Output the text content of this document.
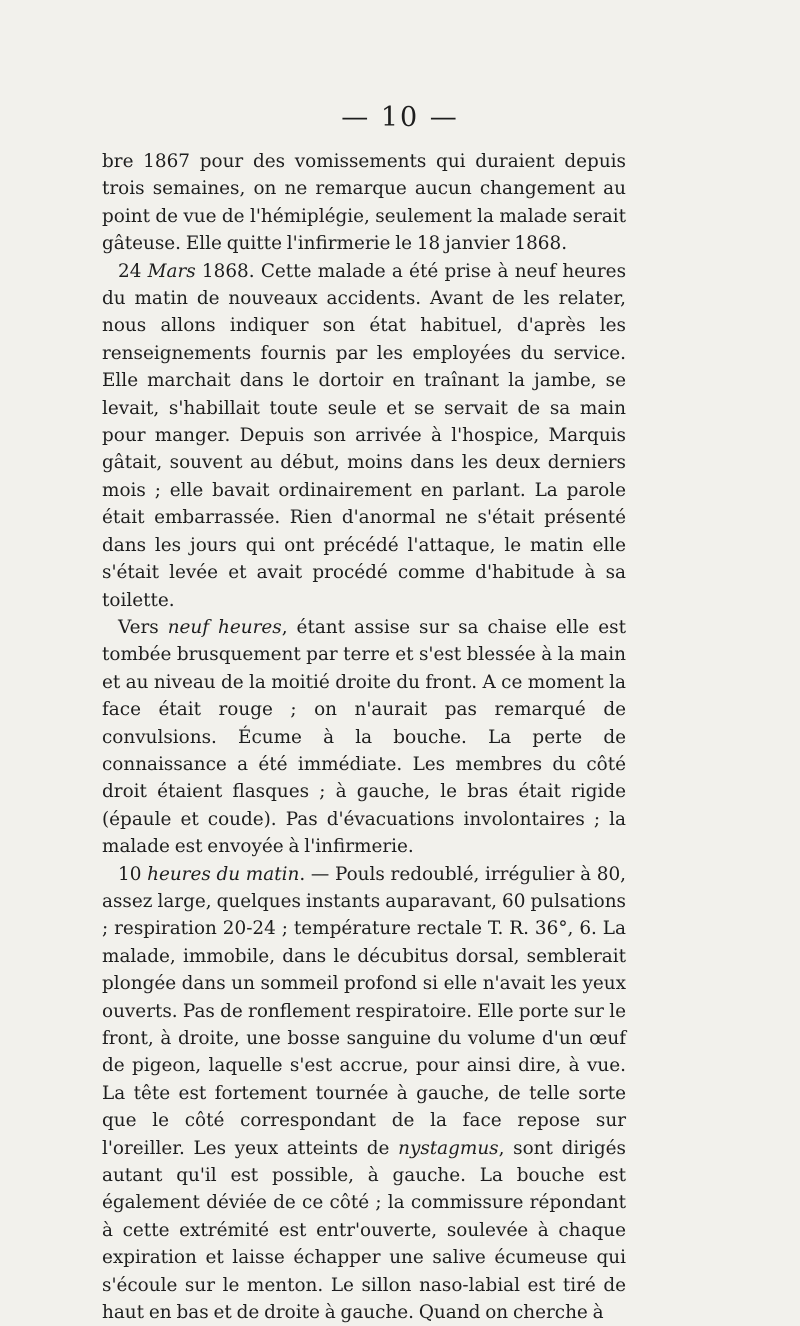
— 10 —

bre 1867 pour des vomissements qui duraient depuis trois semaines, on ne remarque aucun changement au point de vue de l'hémiplégie, seulement la malade serait gâteuse. Elle quitte l'infirmerie le 18 janvier 1868.

24 Mars 1868. Cette malade a été prise à neuf heures du matin de nouveaux accidents. Avant de les relater, nous allons indiquer son état habituel, d'après les renseignements fournis par les employées du service. Elle marchait dans le dortoir en traînant la jambe, se levait, s'habillait toute seule et se servait de sa main pour manger. Depuis son arrivée à l'hospice, Marquis gâtait, souvent au début, moins dans les deux derniers mois ; elle bavait ordinairement en parlant. La parole était embarrassée. Rien d'anormal ne s'était présenté dans les jours qui ont précédé l'attaque, le matin elle s'était levée et avait procédé comme d'habitude à sa toilette.

Vers neuf heures, étant assise sur sa chaise elle est tombée brusquement par terre et s'est blessée à la main et au niveau de la moitié droite du front. A ce moment la face était rouge ; on n'aurait pas remarqué de convulsions. Écume à la bouche. La perte de connaissance a été immédiate. Les membres du côté droit étaient flasques ; à gauche, le bras était rigide (épaule et coude). Pas d'évacuations involontaires ; la malade est envoyée à l'infirmerie.

10 heures du matin. — Pouls redoublé, irrégulier à 80, assez large, quelques instants auparavant, 60 pulsations ; respiration 20-24 ; température rectale T. R. 36°, 6. La malade, immobile, dans le décubitus dorsal, semblerait plongée dans un sommeil profond si elle n'avait les yeux ouverts. Pas de ronflement respiratoire. Elle porte sur le front, à droite, une bosse sanguine du volume d'un œuf de pigeon, laquelle s'est accrue, pour ainsi dire, à vue. La tête est fortement tournée à gauche, de telle sorte que le côté correspondant de la face repose sur l'oreiller. Les yeux atteints de nystagmus, sont dirigés autant qu'il est possible, à gauche. La bouche est également déviée de ce côté ; la commissure répondant à cette extrémité est entr'ouverte, soulevée à chaque expiration et laisse échapper une salive écumeuse qui s'écoule sur le menton. Le sillon naso-labial est tiré de haut en bas et de droite à gauche. Quand on cherche à
